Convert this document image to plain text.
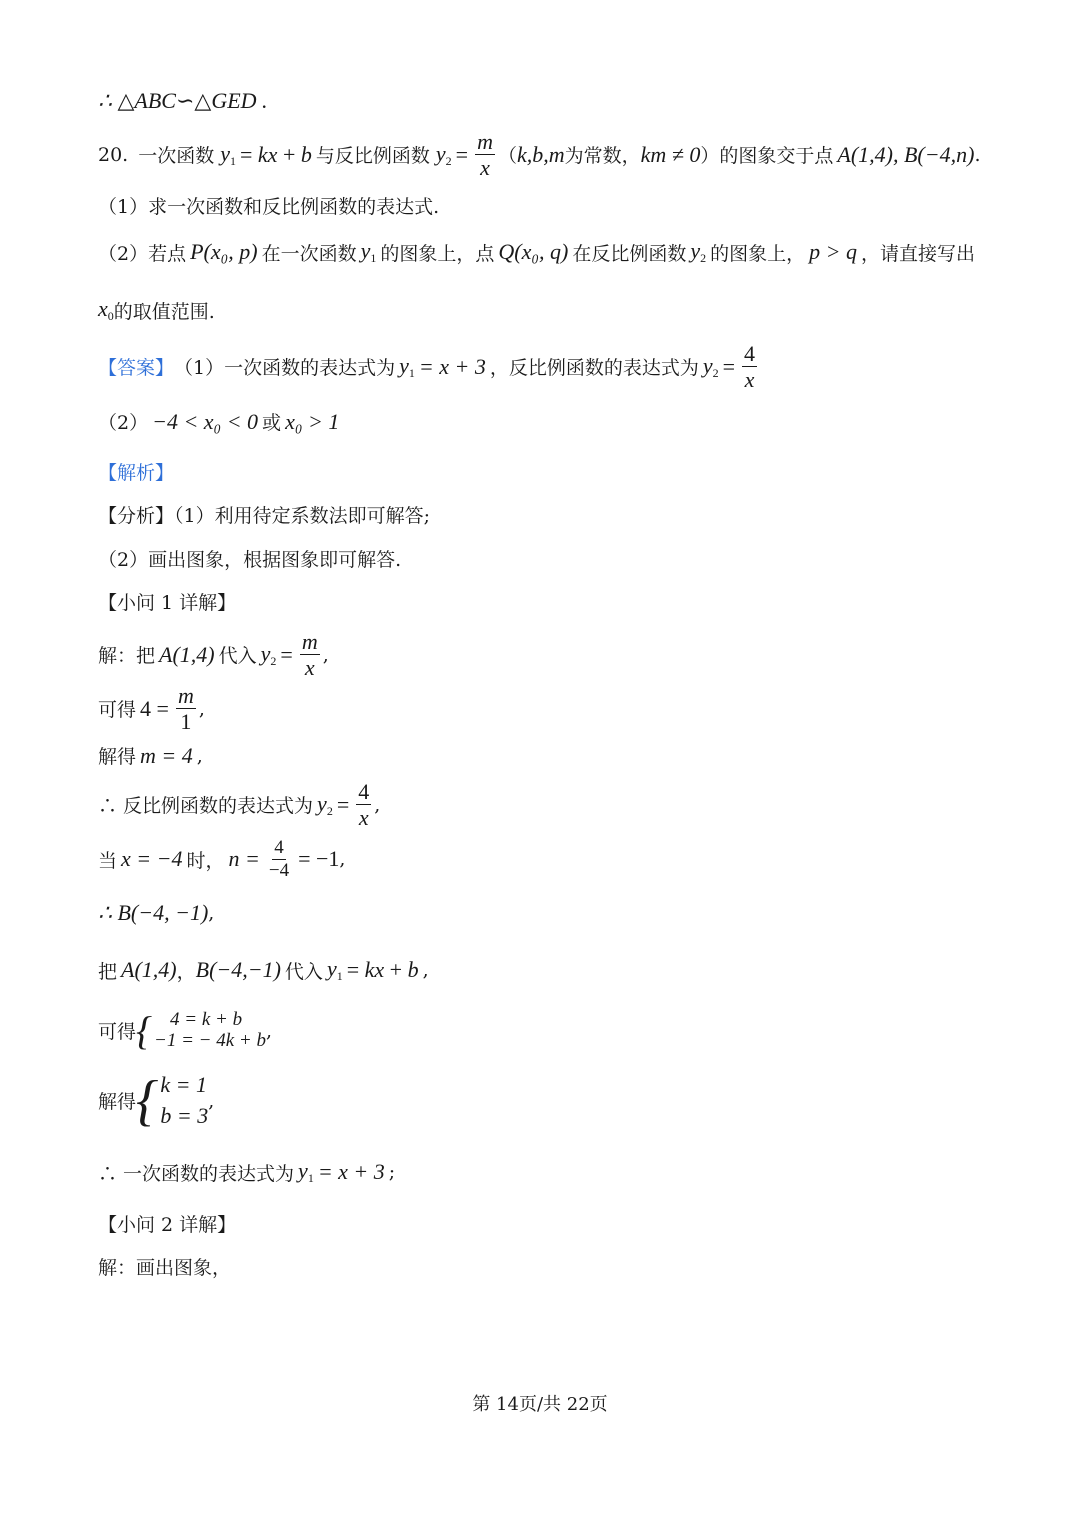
∴ △ABC∽△GED .
20. 一次函数 $y_1$ = kx + b 与反比例函数 $y_2 = \frac{m}{x}$ （ k,b,m 为常数， km ≠ 0 ）的图象交于点 A(1,4), B(−4,n) .
（1）求一次函数和反比例函数的表达式.
（2）若点 P(x₀, p) 在一次函数 $y_1$ 的图象上，点 Q(x₀, q) 在反比例函数 $y_2$ 的图象上， p > q ，请直接写出
$x_0$ 的取值范围.
【答案】 （1）一次函数的表达式为 $y_1 = x + 3$ ，反比例函数的表达式为 $y_2 = \frac{4}{x}$
（2） −4 < x₀ < 0 或 x₀ > 1
【解析】
【分析】（1）利用待定系数法即可解答;
（2）画出图象，根据图象即可解答.
【小问 1 详解】
解：把 A(1,4) 代入 $y_2 = \frac{m}{x}$ ,
可得 $4 = \frac{m}{1}$ ,
解得 m = 4 ,
∴ 反比例函数的表达式为 $y_2 = \frac{4}{x}$ ,
当 x = −4 时， $n = \frac{4}{-4} = -1$ ,
∴ B(−4, −1) ,
把 A(1,4) ， B(−4,−1) 代入 $y_1$ = kx + b ,
可得 { 4 = k + b
−1 = − 4k + b ,
解得 { k = 1
b = 3
,
∴ 一次函数的表达式为 $y_1 = x + 3$ ;
【小问 2 详解】
解：画出图象，
第 14页/共 22页
